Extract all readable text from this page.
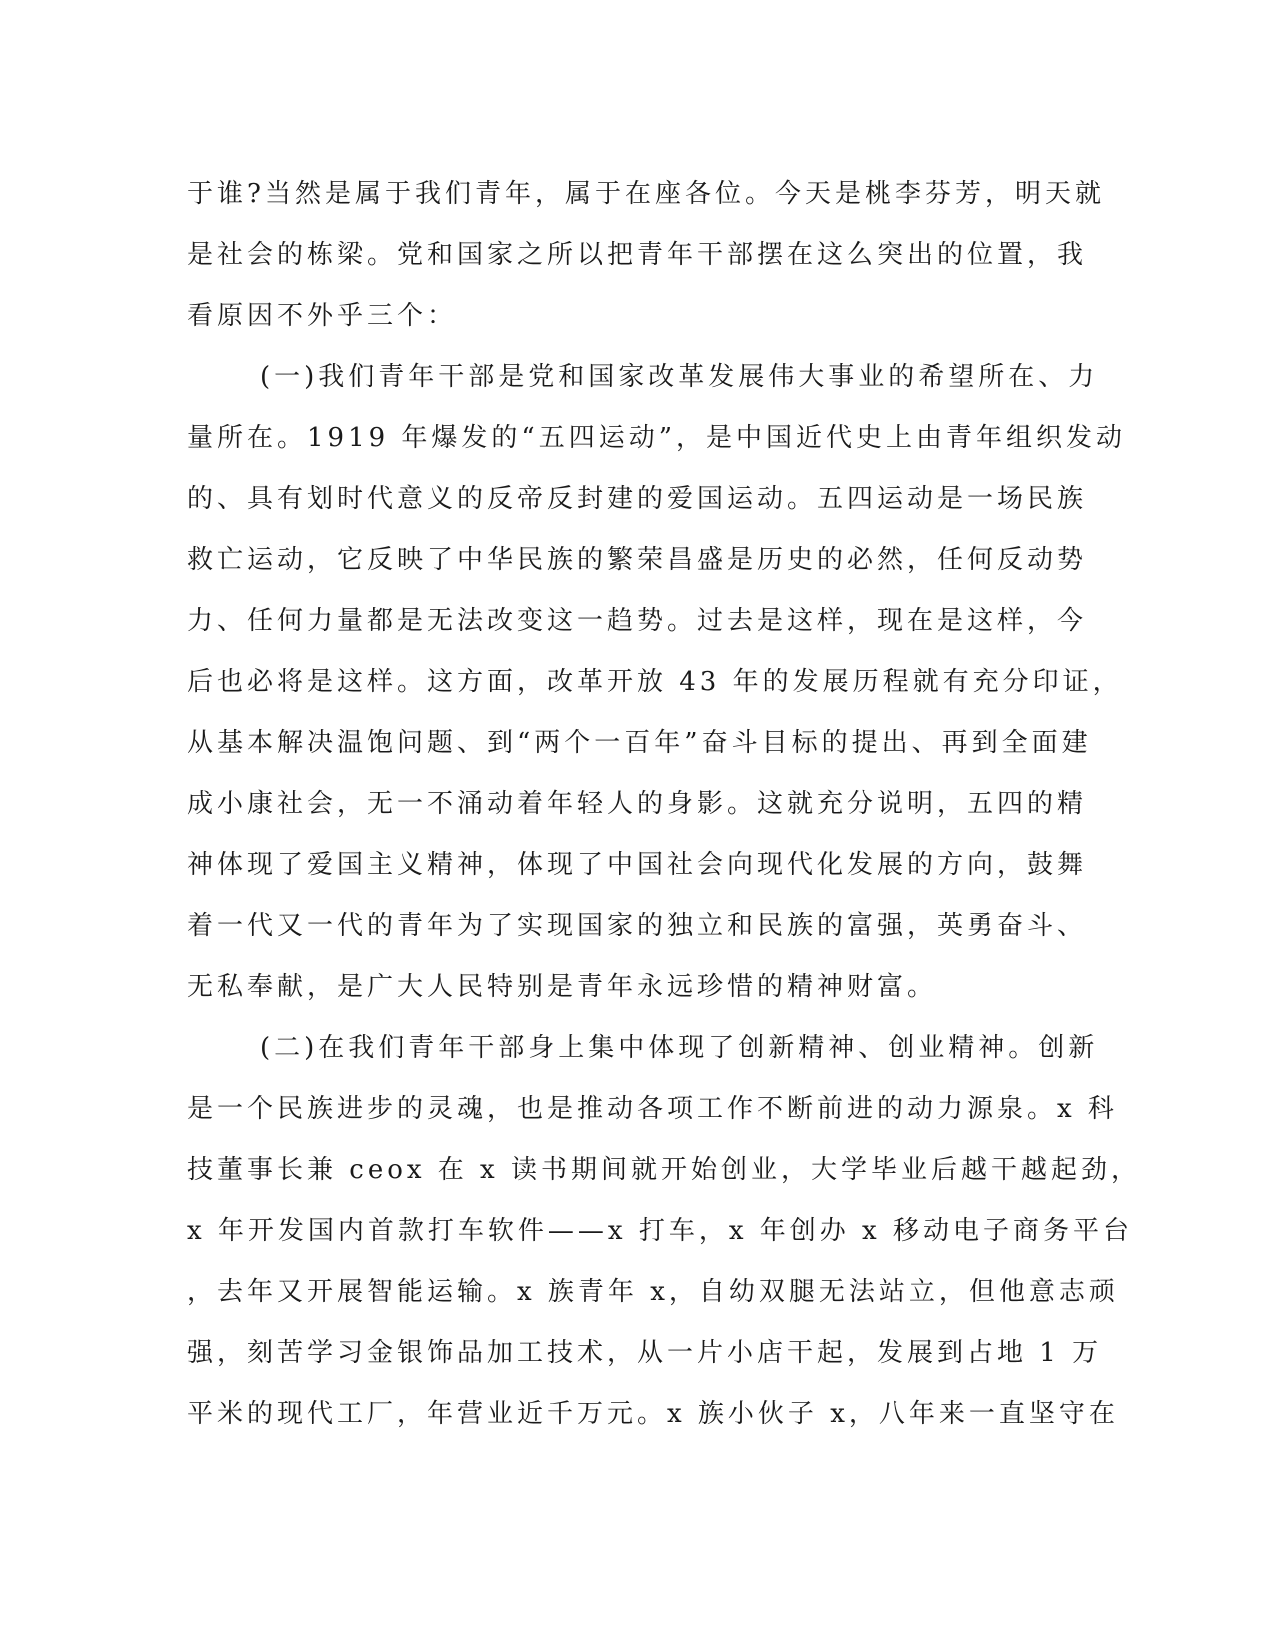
于谁?当然是属于我们青年，属于在座各位。今天是桃李芬芳，明天就
是社会的栋梁。党和国家之所以把青年干部摆在这么突出的位置，我
看原因不外乎三个：
(一)我们青年干部是党和国家改革发展伟大事业的希望所在、力
量所在。1919 年爆发的“五四运动”，是中国近代史上由青年组织发动
的、具有划时代意义的反帝反封建的爱国运动。五四运动是一场民族
救亡运动，它反映了中华民族的繁荣昌盛是历史的必然，任何反动势
力、任何力量都是无法改变这一趋势。过去是这样，现在是这样，今
后也必将是这样。这方面，改革开放 43 年的发展历程就有充分印证，
从基本解决温饱问题、到“两个一百年”奋斗目标的提出、再到全面建
成小康社会，无一不涌动着年轻人的身影。这就充分说明，五四的精
神体现了爱国主义精神，体现了中国社会向现代化发展的方向，鼓舞
着一代又一代的青年为了实现国家的独立和民族的富强，英勇奋斗、
无私奉献，是广大人民特别是青年永远珍惜的精神财富。
(二)在我们青年干部身上集中体现了创新精神、创业精神。创新
是一个民族进步的灵魂，也是推动各项工作不断前进的动力源泉。x 科
技董事长兼 ceox 在 x 读书期间就开始创业，大学毕业后越干越起劲，
x 年开发国内首款打车软件——x 打车，x 年创办 x 移动电子商务平台
，去年又开展智能运输。x 族青年 x，自幼双腿无法站立，但他意志顽
强，刻苦学习金银饰品加工技术，从一片小店干起，发展到占地 1 万
平米的现代工厂，年营业近千万元。x 族小伙子 x，八年来一直坚守在
